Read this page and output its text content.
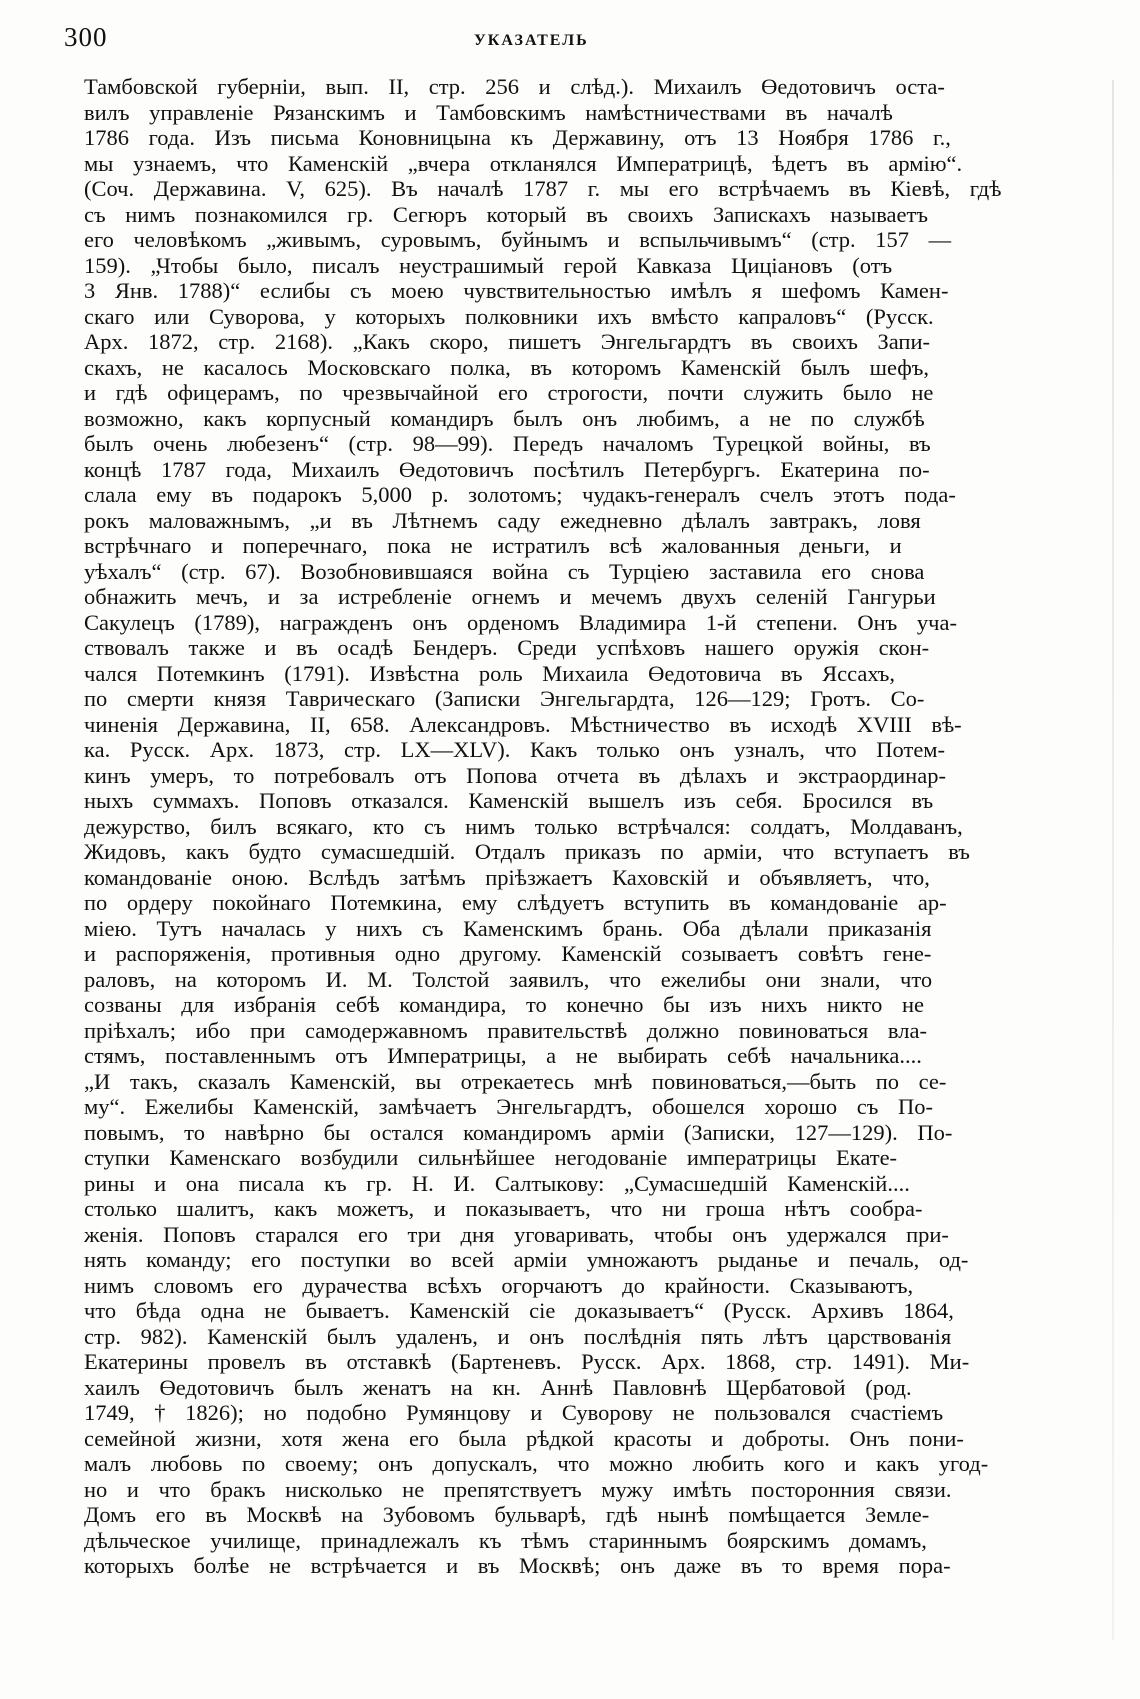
300	УКАЗАТЕЛЬ
Тамбовской губерніи, вып. II, стр. 256 и слѣд.). Михаилъ Өедотовичъ оста-
вилъ управленіе Рязанскимъ и Тамбовскимъ намѣстничествами въ началѣ
1786 года. Изъ письма Коновницына къ Державину, отъ 13 Ноября 1786 г.,
мы узнаемъ, что Каменскій „вчера откланялся Императрицѣ, ѣдетъ въ армію“.
(Соч. Державина. V, 625). Въ началѣ 1787 г. мы его встрѣчаемъ въ Кіевѣ, гдѣ
съ нимъ познакомился гр. Сегюръ который въ своихъ Запискахъ называетъ
его человѣкомъ „живымъ, суровымъ, буйнымъ и вспыльчивымъ“ (стр. 157 —
159). „Чтобы было, писалъ неустрашимый герой Кавказа Цицiановъ (отъ
3 Янв. 1788)“ еслибы съ моею чувствительностью имѣлъ я шефомъ Камен-
скаго или Суворова, у которыхъ полковники ихъ вмѣсто капраловъ“ (Русск.
Арх. 1872, стр. 2168). „Какъ скоро, пишетъ Энгельгардтъ въ своихъ Запи-
скахъ, не касалось Московскаго полка, въ которомъ Каменскій былъ шефъ,
и гдѣ офицерамъ, по чрезвычайной его строгости, почти служить было не
возможно, какъ корпусный командиръ былъ онъ любимъ, а не по службѣ
былъ очень любезенъ“ (стр. 98—99). Передъ началомъ Турецкой войны, въ
концѣ 1787 года, Михаилъ Өедотовичъ посѣтилъ Петербургъ. Екатерина по-
слала ему въ подарокъ 5,000 р. золотомъ; чудакъ-генералъ счелъ этотъ пода-
рокъ маловажнымъ, „и въ Лѣтнемъ саду ежедневно дѣлалъ завтракъ, ловя
встрѣчнаго и поперечнаго, пока не истратилъ всѣ жалованныя деньги, и
уѣхалъ“ (стр. 67). Возобновившаяся война съ Турціею заставила его снова
обнажить мечъ, и за истребленіе огнемъ и мечемъ двухъ селеній Гангурьи
Сакулецъ (1789), награжденъ онъ орденомъ Владимира 1-й степени. Онъ уча-
ствовалъ также и въ осадѣ Бендеръ. Среди успѣховъ нашего оружія скон-
чался Потемкинъ (1791). Извѣстна роль Михаила Өедотовича въ Яссахъ,
по смерти князя Таврическаго (Записки Энгельгардта, 126—129; Гротъ. Со-
чиненія Державина, II, 658. Александровъ. Мѣстничество въ исходѣ XVIII вѣ-
ка. Русск. Арх. 1873, стр. LX—XLV). Какъ только онъ узналъ, что Потем-
кинъ умеръ, то потребовалъ отъ Попова отчета въ дѣлахъ и экстраординар-
ныхъ суммахъ. Поповъ отказался. Каменскій вышелъ изъ себя. Бросился въ
дежурство, билъ всякаго, кто съ нимъ только встрѣчался: солдатъ, Молдаванъ,
Жидовъ, какъ будто сумасшедшій. Отдалъ приказъ по арміи, что вступаетъ въ
командованіе оною. Вслѣдъ затѣмъ пріѣзжаетъ Каховскій и объявляетъ, что,
по ордеру покойнаго Потемкина, ему слѣдуетъ вступить въ командованіе ар-
міею. Тутъ началась у нихъ съ Каменскимъ брань. Оба дѣлали приказанія
и распоряженія, противныя одно другому. Каменскій созываетъ совѣтъ гене-
раловъ, на которомъ И. М. Толстой заявилъ, что ежелибы они знали, что
созваны для избранія себѣ командира, то конечно бы изъ нихъ никто не
пріѣхалъ; ибо при самодержавномъ правительствѣ должно повиноваться вла-
стямъ, поставленнымъ отъ Императрицы, а не выбирать себѣ начальника....
„И такъ, сказалъ Каменскій, вы отрекаетесь мнѣ повиноваться,—быть по се-
му“. Ежелибы Каменскій, замѣчаетъ Энгельгардтъ, обошелся хорошо съ По-
повымъ, то навѣрно бы остался командиромъ арміи (Записки, 127—129). По-
ступки Каменскаго возбудили сильнѣйшее негодованіе императрицы Екате-
рины и она писала къ гр. Н. И. Салтыкову: „Сумасшедшій Каменскій....
столько шалитъ, какъ можетъ, и показываетъ, что ни гроша нѣтъ сообра-
женія. Поповъ старался его три дня уговаривать, чтобы онъ удержался при-
нять команду; его поступки во всей арміи умножаютъ рыданье и печаль, од-
нимъ словомъ его дурачества всѣхъ огорчаютъ до крайности. Сказываютъ,
что бѣда одна не бываетъ. Каменскій сіе доказываетъ“ (Русск. Архивъ 1864,
стр. 982). Каменскій былъ удаленъ, и онъ послѣднія пять лѣтъ царствованія
Екатерины провелъ въ отставкѣ (Бартеневъ. Русск. Арх. 1868, стр. 1491). Ми-
хаилъ Өедотовичъ былъ женатъ на кн. Аннѣ Павловнѣ Щербатовой (род.
1749, † 1826); но подобно Румянцову и Суворову не пользовался счастіемъ
семейной жизни, хотя жена его была рѣдкой красоты и доброты. Онъ пони-
малъ любовь по своему; онъ допускалъ, что можно любить кого и какъ угод-
но и что бракъ нисколько не препятствуетъ мужу имѣть посторонния связи.
Домъ его въ Москвѣ на Зубовомъ бульварѣ, гдѣ нынѣ помѣщается Земле-
дѣльческое училище, принадлежалъ къ тѣмъ стариннымъ боярскимъ домамъ,
которыхъ болѣе не встрѣчается и въ Москвѣ; онъ даже въ то время пора-
